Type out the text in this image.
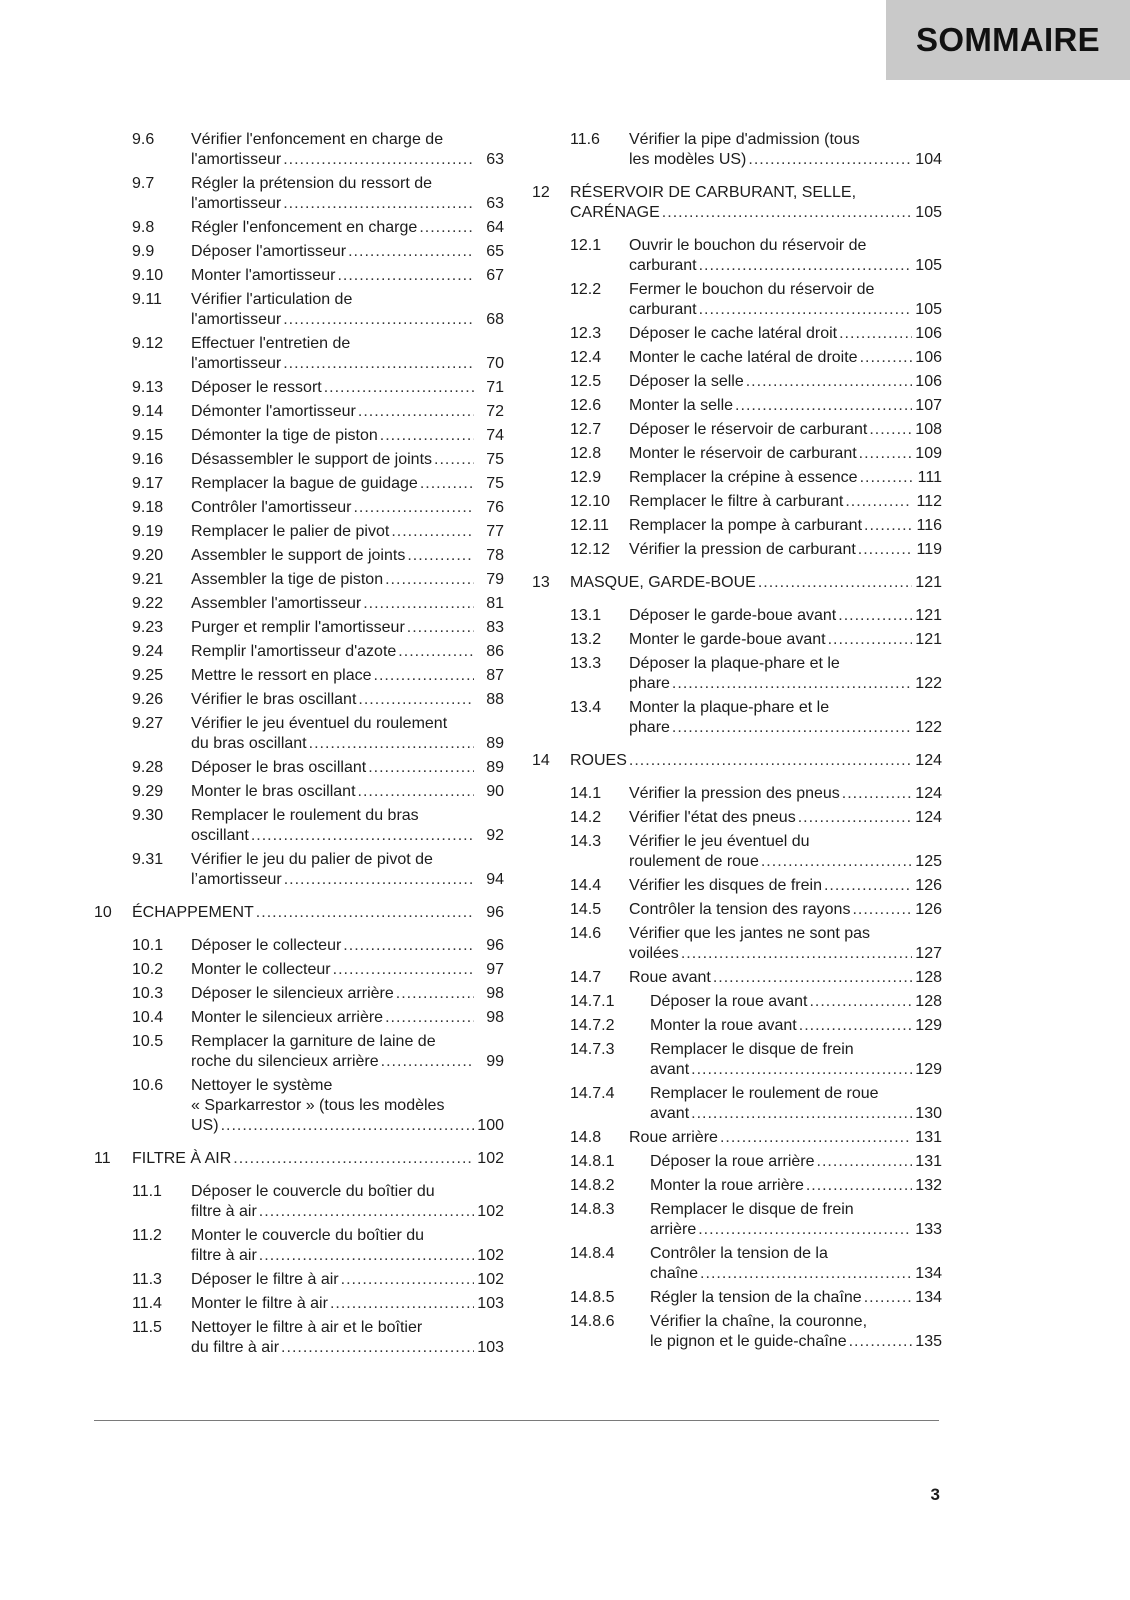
SOMMAIRE
9.6	Vérifier l'enfoncement en charge de
l'amortisseur .....	63
9.7	Régler la prétension du ressort de
l'amortisseur .....	63
9.8	Régler l'enfoncement en charge .....	64
9.9	Déposer l'amortisseur .....	65
9.10	Monter l'amortisseur .....	67
9.11	Vérifier l'articulation de
l'amortisseur .....	68
9.12	Effectuer l'entretien de
l'amortisseur .....	70
9.13	Déposer le ressort .....	71
9.14	Démonter l'amortisseur .....	72
9.15	Démonter la tige de piston .....	74
9.16	Désassembler le support de joints .....	75
9.17	Remplacer la bague de guidage .....	75
9.18	Contrôler l'amortisseur .....	76
9.19	Remplacer le palier de pivot .....	77
9.20	Assembler le support de joints .....	78
9.21	Assembler la tige de piston .....	79
9.22	Assembler l'amortisseur .....	81
9.23	Purger et remplir l'amortisseur .....	83
9.24	Remplir l'amortisseur d'azote .....	86
9.25	Mettre le ressort en place .....	87
9.26	Vérifier le bras oscillant .....	88
9.27	Vérifier le jeu éventuel du roulement
du bras oscillant .....	89
9.28	Déposer le bras oscillant .....	89
9.29	Monter le bras oscillant .....	90
9.30	Remplacer le roulement du bras
oscillant .....	92
9.31	Vérifier le jeu du palier de pivot de
l’amortisseur .....	94
10	ÉCHAPPEMENT .....	96
10.1	Déposer le collecteur .....	96
10.2	Monter le collecteur .....	97
10.3	Déposer le silencieux arrière .....	98
10.4	Monter le silencieux arrière .....	98
10.5	Remplacer la garniture de laine de
roche du silencieux arrière .....	99
10.6	Nettoyer le système
« Sparkarrestor » (tous les modèles
US) .....	100
11	FILTRE À AIR .....	102
11.1	Déposer le couvercle du boîtier du
filtre à air .....	102
11.2	Monter le couvercle du boîtier du
filtre à air .....	102
11.3	Déposer le filtre à air .....	102
11.4	Monter le filtre à air .....	103
11.5	Nettoyer le filtre à air et le boîtier
du filtre à air .....	103
11.6	Vérifier la pipe d'admission (tous
les modèles US) .....	104
12	RÉSERVOIR DE CARBURANT, SELLE,
CARÉNAGE .....	105
12.1	Ouvrir le bouchon du réservoir de
carburant .....	105
12.2	Fermer le bouchon du réservoir de
carburant .....	105
12.3	Déposer le cache latéral droit .....	106
12.4	Monter le cache latéral de droite .....	106
12.5	Déposer la selle .....	106
12.6	Monter la selle .....	107
12.7	Déposer le réservoir de carburant .....	108
12.8	Monter le réservoir de carburant .....	109
12.9	Remplacer la crépine à essence .....	111
12.10	Remplacer le filtre à carburant .....	112
12.11	Remplacer la pompe à carburant .....	116
12.12	Vérifier la pression de carburant .....	119
13	MASQUE, GARDE-BOUE .....	121
13.1	Déposer le garde-boue avant .....	121
13.2	Monter le garde-boue avant .....	121
13.3	Déposer la plaque-phare et le
phare .....	122
13.4	Monter la plaque-phare et le
phare .....	122
14	ROUES .....	124
14.1	Vérifier la pression des pneus .....	124
14.2	Vérifier l'état des pneus .....	124
14.3	Vérifier le jeu éventuel du
roulement de roue .....	125
14.4	Vérifier les disques de frein .....	126
14.5	Contrôler la tension des rayons .....	126
14.6	Vérifier que les jantes ne sont pas
voilées .....	127
14.7	Roue avant .....	128
14.7.1	Déposer la roue avant .....	128
14.7.2	Monter la roue avant .....	129
14.7.3	Remplacer le disque de frein
avant .....	129
14.7.4	Remplacer le roulement de roue
avant .....	130
14.8	Roue arrière .....	131
14.8.1	Déposer la roue arrière .....	131
14.8.2	Monter la roue arrière .....	132
14.8.3	Remplacer le disque de frein
arrière .....	133
14.8.4	Contrôler la tension de la
chaîne .....	134
14.8.5	Régler la tension de la chaîne .....	134
14.8.6	Vérifier la chaîne, la couronne,
le pignon et le guide-chaîne .....	135
3
